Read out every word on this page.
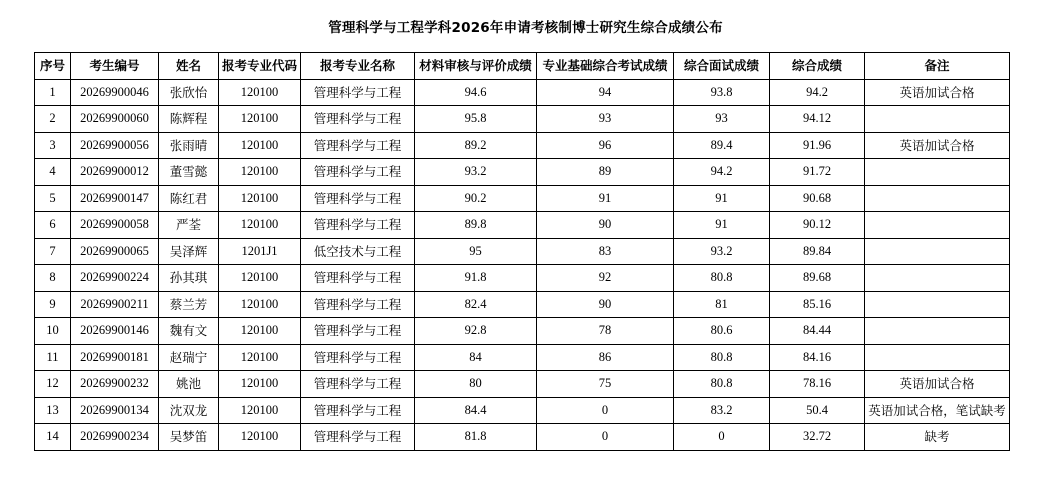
管理科学与工程学科2026年申请考核制博士研究生综合成绩公布
序号	考生编号	姓名	报考专业代码	报考专业名称	材料审核与评价成绩	专业基础综合考试成绩	综合面试成绩	综合成绩	备注
1	20269900046	张欣怡	120100	管理科学与工程	94.6	94	93.8	94.2	英语加试合格
2	20269900060	陈辉程	120100	管理科学与工程	95.8	93	93	94.12	
3	20269900056	张雨晴	120100	管理科学与工程	89.2	96	89.4	91.96	英语加试合格
4	20269900012	董雪懿	120100	管理科学与工程	93.2	89	94.2	91.72	
5	20269900147	陈红君	120100	管理科学与工程	90.2	91	91	90.68	
6	20269900058	严荃	120100	管理科学与工程	89.8	90	91	90.12	
7	20269900065	吴泽辉	1201J1	低空技术与工程	95	83	93.2	89.84	
8	20269900224	孙其琪	120100	管理科学与工程	91.8	92	80.8	89.68	
9	20269900211	蔡兰芳	120100	管理科学与工程	82.4	90	81	85.16	
10	20269900146	魏有文	120100	管理科学与工程	92.8	78	80.6	84.44	
11	20269900181	赵瑞宁	120100	管理科学与工程	84	86	80.8	84.16	
12	20269900232	姚池	120100	管理科学与工程	80	75	80.8	78.16	英语加试合格
13	20269900134	沈双龙	120100	管理科学与工程	84.4	0	83.2	50.4	英语加试合格，笔试缺考
14	20269900234	吴梦笛	120100	管理科学与工程	81.8	0	0	32.72	缺考
